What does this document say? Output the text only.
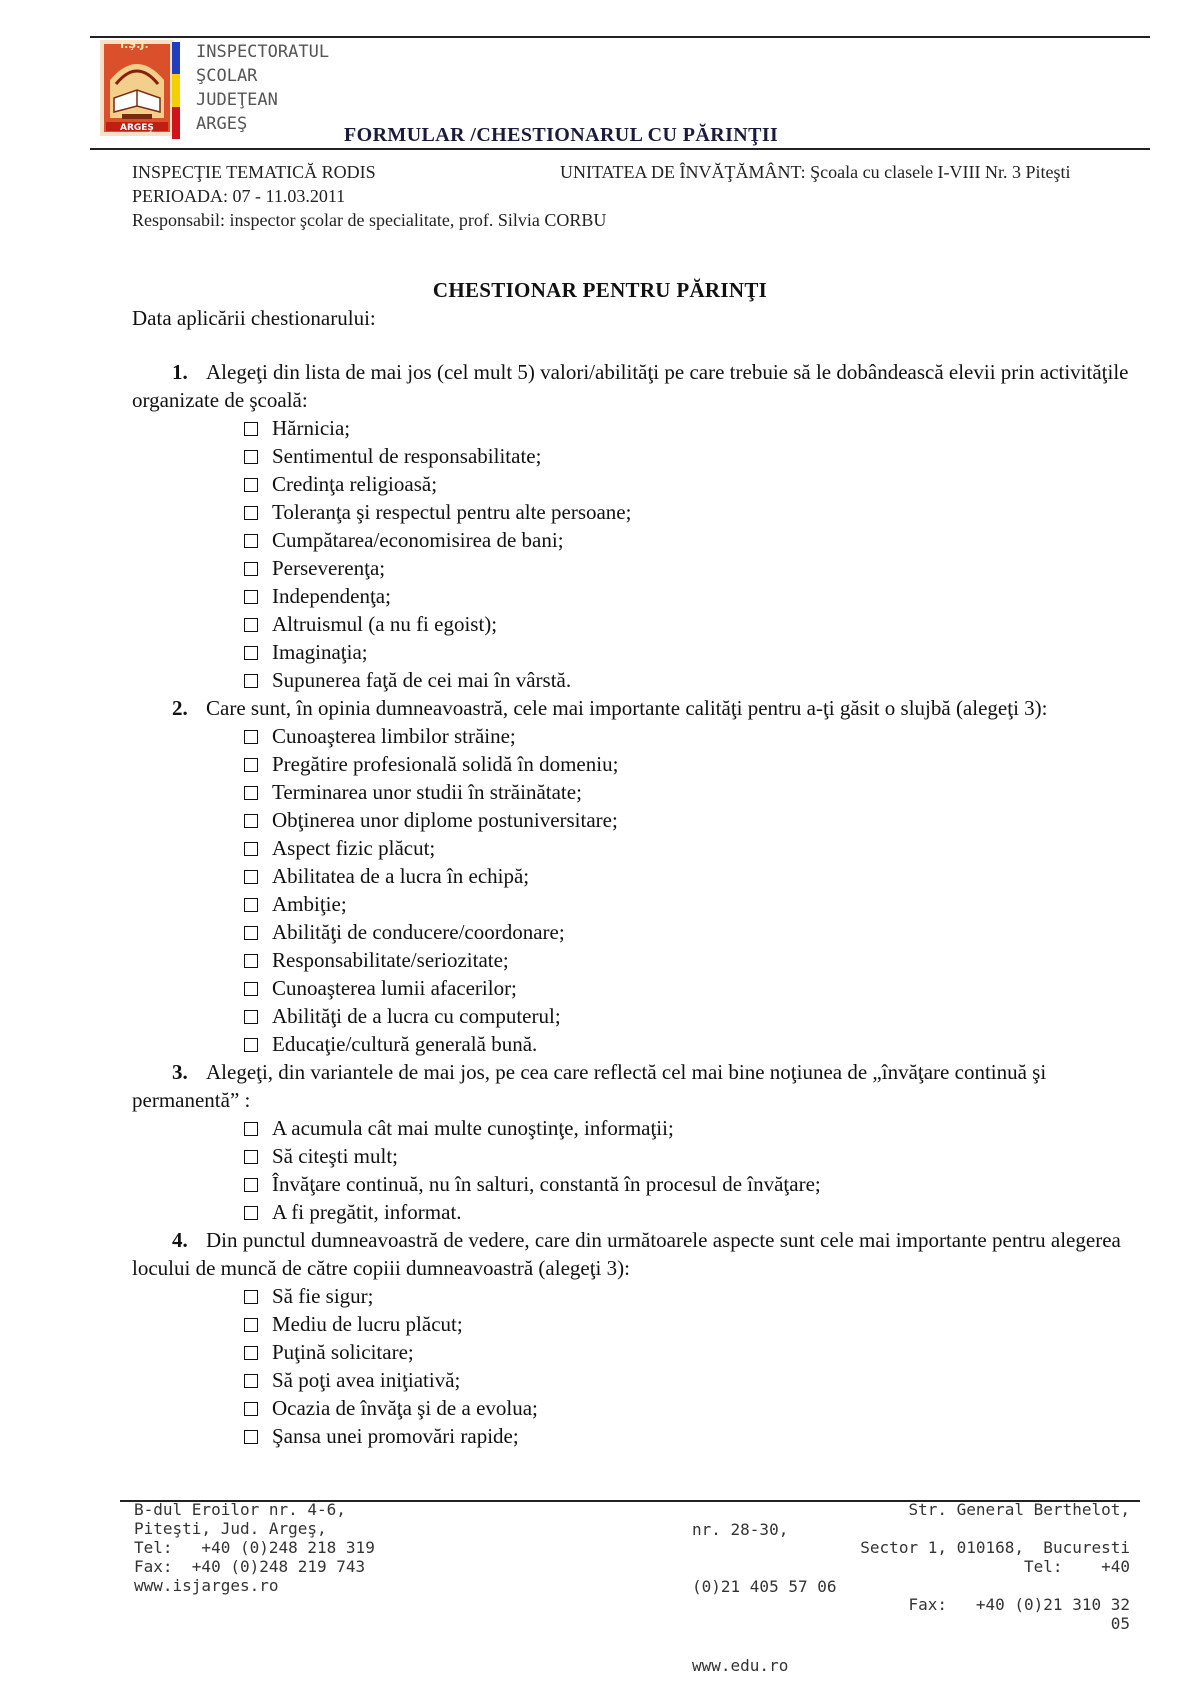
I.Ş.J.
ARGEŞ
INSPECTORATUL
ŞCOLAR
JUDEŢEAN
ARGEŞ	FORMULAR /CHESTIONARUL CU PĂRINŢII
INSPECŢIE TEMATICĂ RODIS
PERIOADA: 07 - 11.03.2011
Responsabil: inspector şcolar de specialitate, prof. Silvia CORBU
UNITATEA DE ÎNVĂŢĂMÂNT: Şcoala cu clasele I-VIII Nr. 3 Piteşti
CHESTIONAR PENTRU PĂRINŢI
Data aplicării chestionarului:
1. Alegeţi din lista de mai jos (cel mult 5) valori/abilităţi pe care trebuie să le dobândească elevii prin activităţile organizate de şcoală:
Hărnicia;
Sentimentul de responsabilitate;
Credinţa religioasă;
Toleranţa şi respectul pentru alte persoane;
Cumpătarea/economisirea de bani;
Perseverenţa;
Independenţa;
Altruismul (a nu fi egoist);
Imaginaţia;
Supunerea faţă de cei mai în vârstă.
2. Care sunt, în opinia dumneavoastră, cele mai importante calităţi pentru a-ţi găsit o slujbă (alegeţi 3):
Cunoaşterea limbilor străine;
Pregătire profesională solidă în domeniu;
Terminarea unor studii în străinătate;
Obţinerea unor diplome postuniversitare;
Aspect fizic plăcut;
Abilitatea de a lucra în echipă;
Ambiţie;
Abilităţi de conducere/coordonare;
Responsabilitate/seriozitate;
Cunoaşterea lumii afacerilor;
Abilităţi de a lucra cu computerul;
Educaţie/cultură generală bună.
3. Alegeţi, din variantele de mai jos, pe cea care reflectă cel mai bine noţiunea de „învăţare continuă şi permanentă” :
A acumula cât mai multe cunoştinţe, informaţii;
Să citeşti mult;
Învăţare continuă, nu în salturi, constantă în procesul de învăţare;
A fi pregătit, informat.
4. Din punctul dumneavoastră de vedere, care din următoarele aspecte sunt cele mai importante pentru alegerea locului de muncă de către copiii dumneavoastră (alegeţi 3):
Să fie sigur;
Mediu de lucru plăcut;
Puţină solicitare;
Să poţi avea iniţiativă;
Ocazia de învăţa şi de a evolua;
Şansa unei promovări rapide;
B-dul Eroilor nr. 4-6,
Piteşti, Jud. Argeş,
Tel:   +40 (0)248 218 319
Fax:  +40 (0)248 219 743
www.isjarges.ro
nr. 28-30,

(0)21 405 57 06
Str. General Berthelot,

Sector 1, 010168,  Bucuresti
Tel:    +40

Fax:   +40 (0)21 310 32
05
www.edu.ro
